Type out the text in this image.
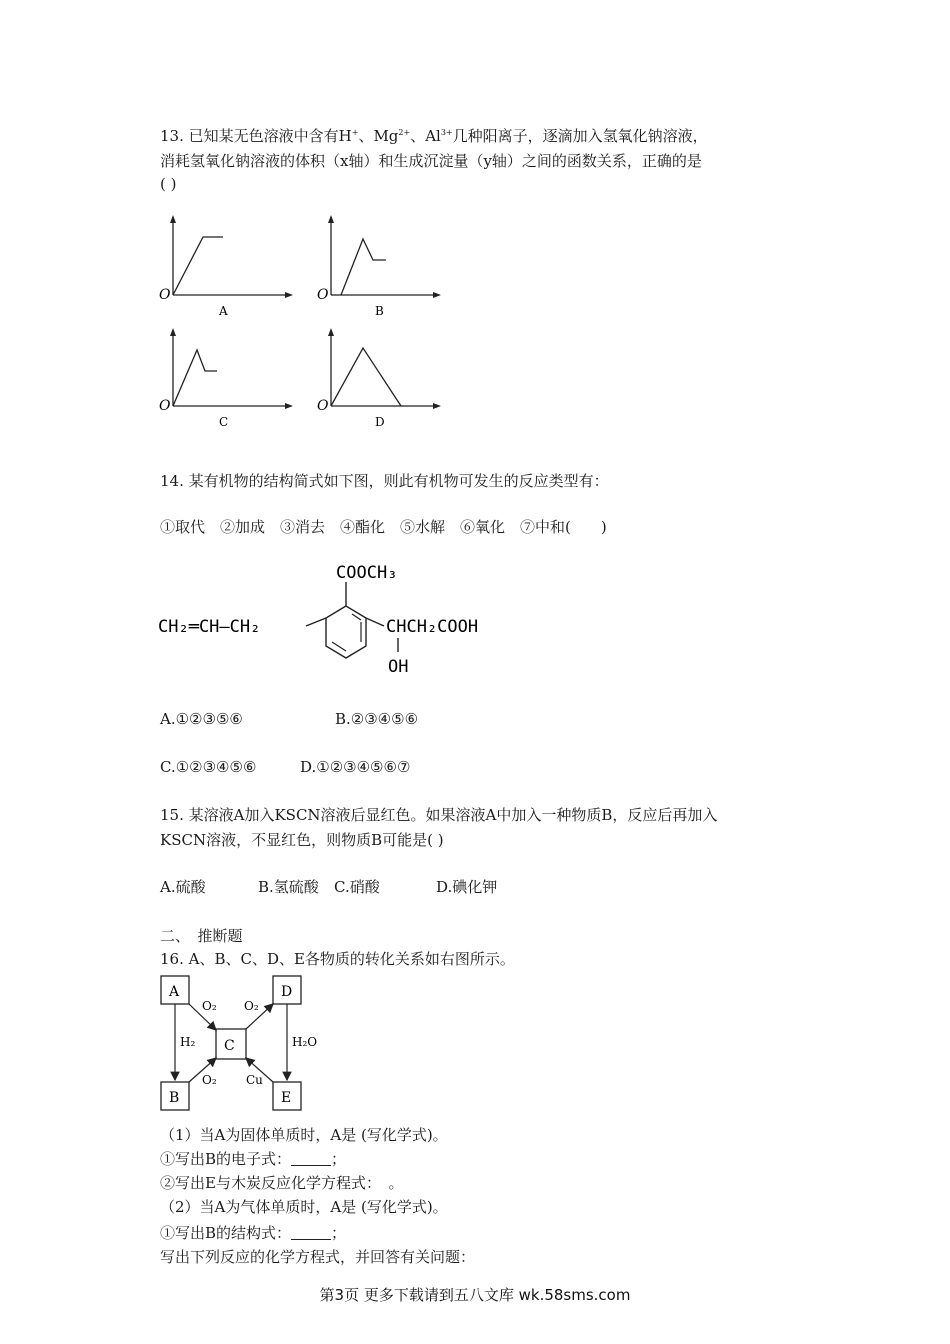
13. 已知某无色溶液中含有H+、$Mg^{2+}$、$Al^{3+}$几种阳离子，逐滴加入氢氧化钠溶液，
消耗氢氧化钠溶液的体积（x轴）和生成沉淀量（y轴）之间的函数关系，正确的是
( )
O
A
O
B
O
C
O
D
14. 某有机物的结构简式如下图，则此有机物可发生的反应类型有：
①取代　②加成　③消去　④酯化　⑤水解　⑥氧化　⑦中和(　　)
CH₂═CH—CH₂
COOCH₃
CHCH₂COOH
OH
A.①②③⑤⑥	B.②③④⑤⑥
C.①②③④⑤⑥	D.①②③④⑤⑥⑦
15. 某溶液A加入KSCN溶液后显红色。如果溶液A中加入一种物质B，反应后再加入
KSCN溶液，不显红色，则物质B可能是( )
A.硫酸	B.氢硫酸 C.硝酸	D.碘化钾
二、　推断题
16. A、B、C、D、E各物质的转化关系如右图所示。
A	D
C
B	E
H₂
O₂ O₂
H₂O
O₂ Cu
（1）当A为固体单质时，A是 (写化学式)。
①写出B的电子式：	；
②写出E与木炭反应化学方程式：　。
（2）当A为气体单质时，A是 (写化学式)。
①写出B的结构式：	；
写出下列反应的化学方程式，并回答有关问题：
第3页 更多下载请到五八文库 wk.58sms.com
